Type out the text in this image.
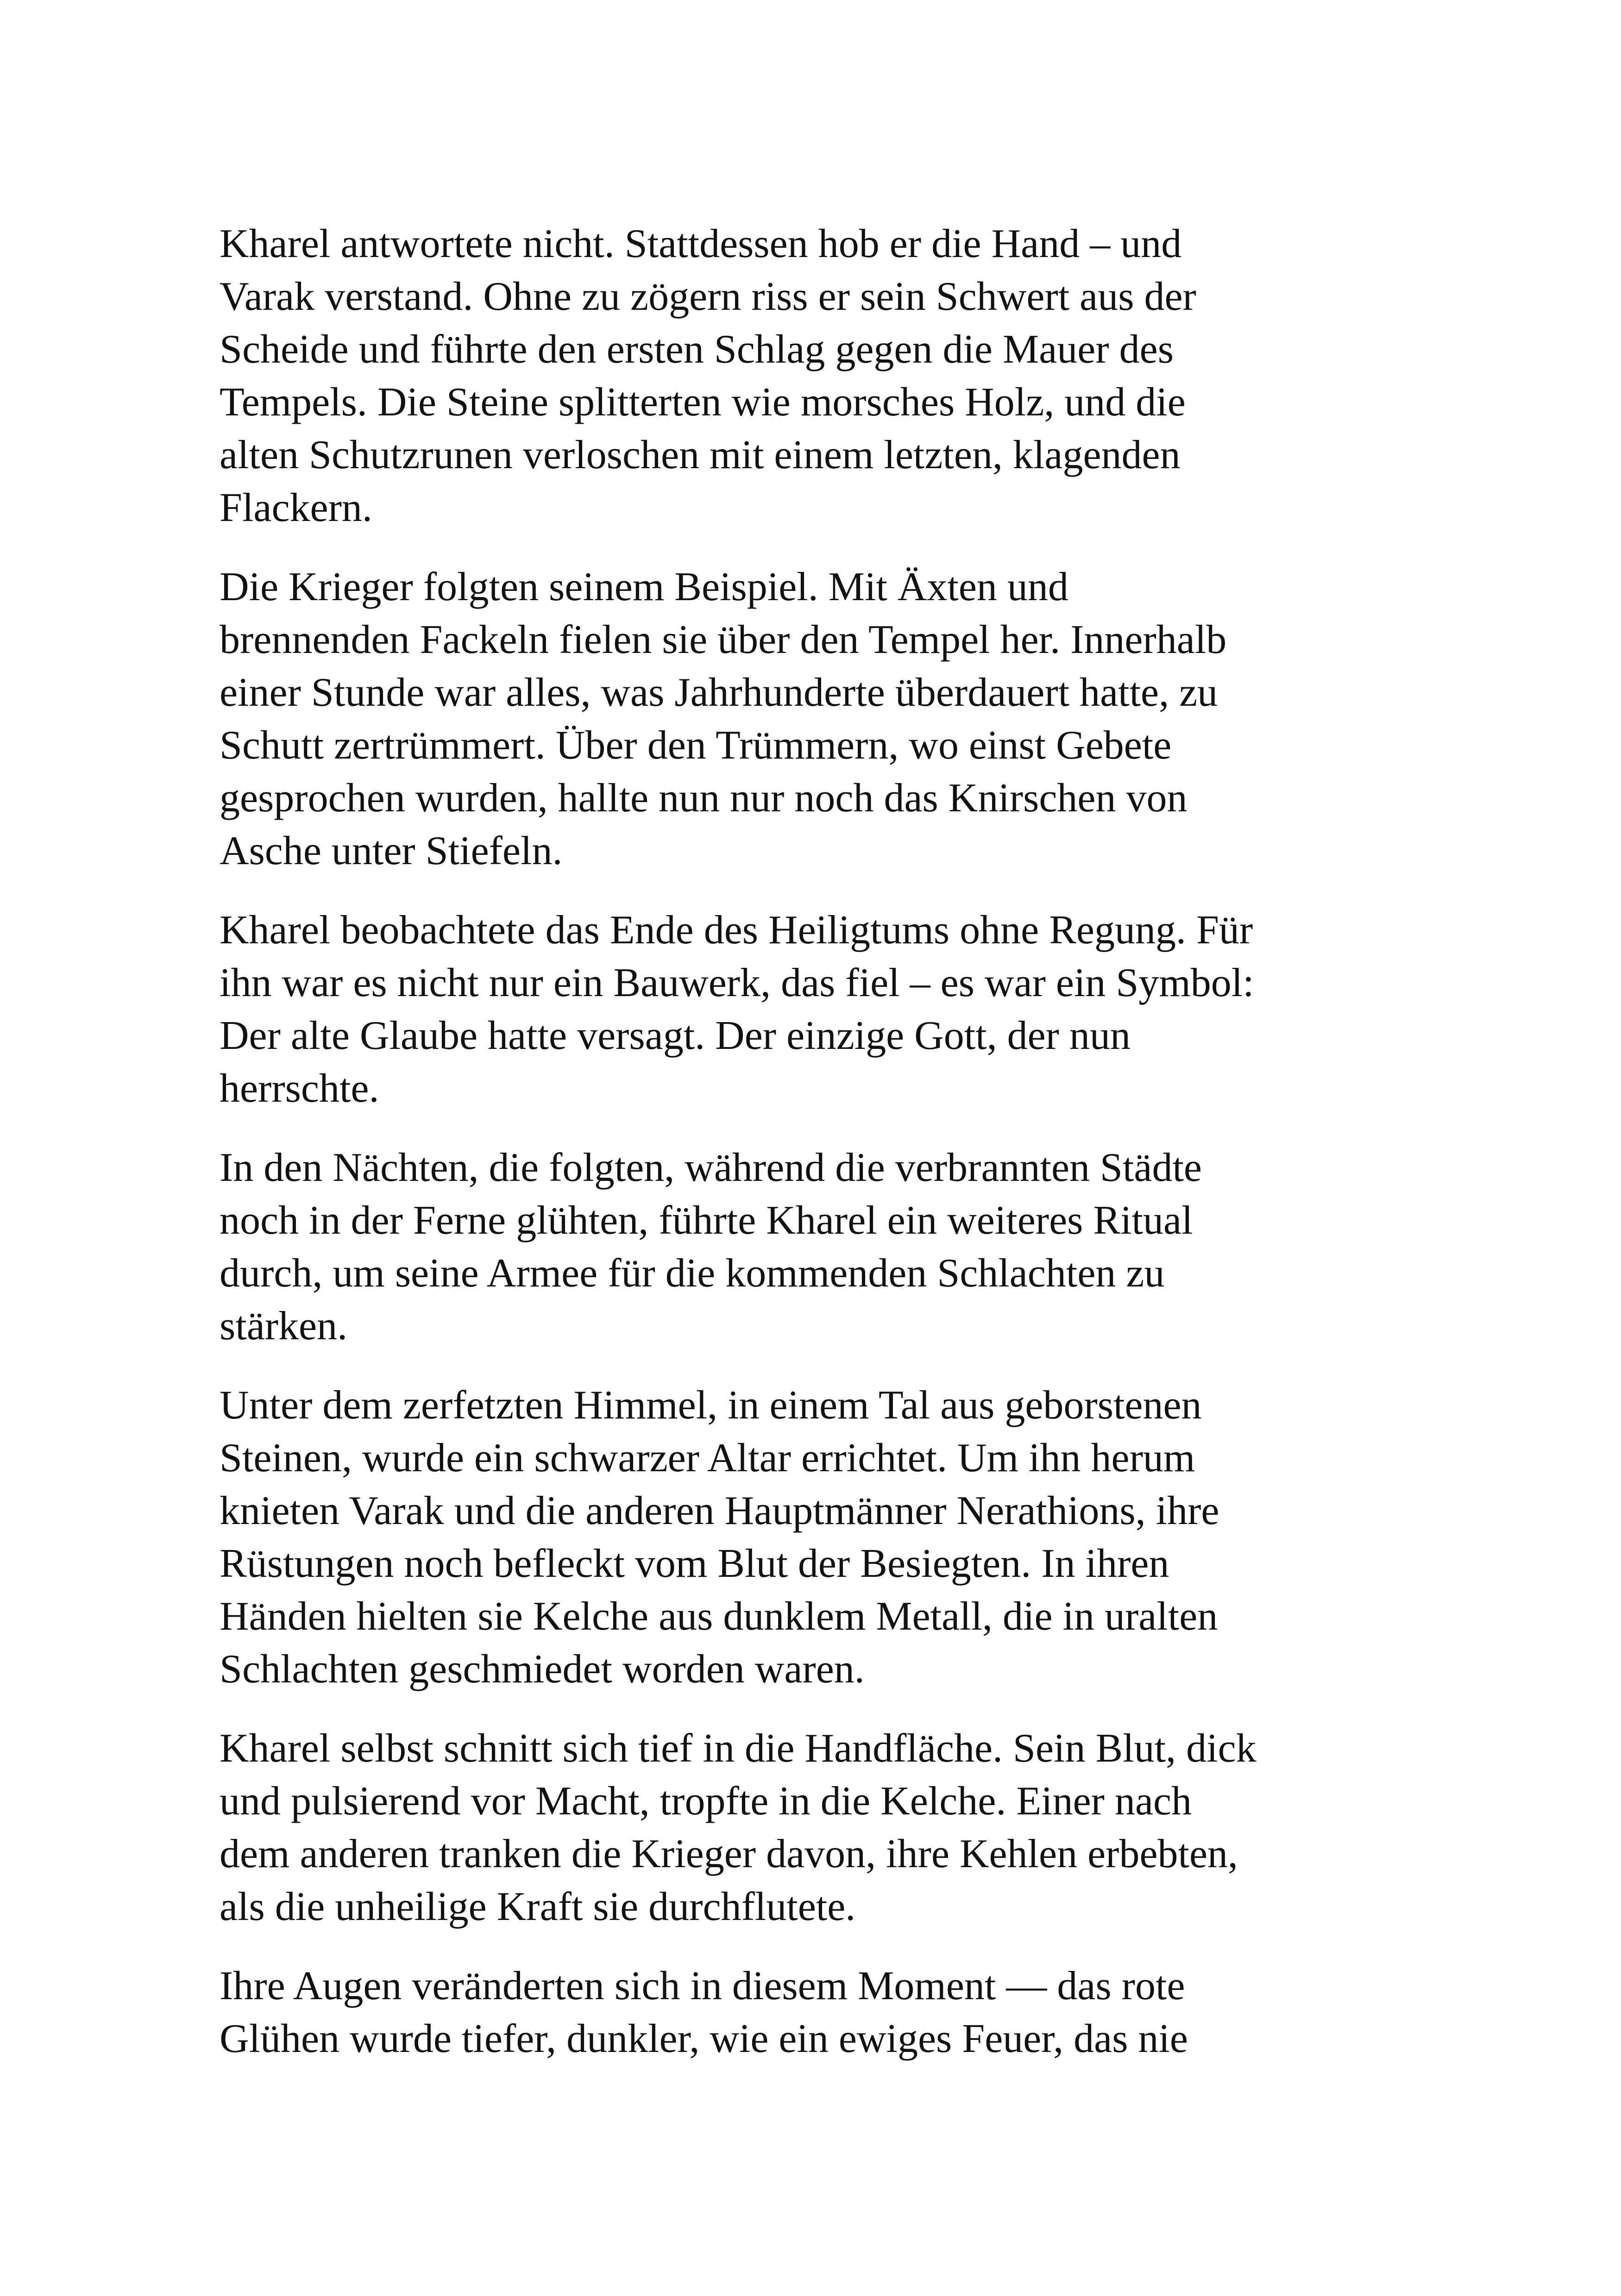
Kharel antwortete nicht. Stattdessen hob er die Hand – und
Varak verstand. Ohne zu zögern riss er sein Schwert aus der
Scheide und führte den ersten Schlag gegen die Mauer des
Tempels. Die Steine splitterten wie morsches Holz, und die
alten Schutzrunen verloschen mit einem letzten, klagenden
Flackern.

Die Krieger folgten seinem Beispiel. Mit Äxten und
brennenden Fackeln fielen sie über den Tempel her. Innerhalb
einer Stunde war alles, was Jahrhunderte überdauert hatte, zu
Schutt zertrümmert. Über den Trümmern, wo einst Gebete
gesprochen wurden, hallte nun nur noch das Knirschen von
Asche unter Stiefeln.

Kharel beobachtete das Ende des Heiligtums ohne Regung. Für
ihn war es nicht nur ein Bauwerk, das fiel – es war ein Symbol:
Der alte Glaube hatte versagt. Der einzige Gott, der nun
herrschte.

In den Nächten, die folgten, während die verbrannten Städte
noch in der Ferne glühten, führte Kharel ein weiteres Ritual
durch, um seine Armee für die kommenden Schlachten zu
stärken.

Unter dem zerfetzten Himmel, in einem Tal aus geborstenen
Steinen, wurde ein schwarzer Altar errichtet. Um ihn herum
knieten Varak und die anderen Hauptmänner Nerathions, ihre
Rüstungen noch befleckt vom Blut der Besiegten. In ihren
Händen hielten sie Kelche aus dunklem Metall, die in uralten
Schlachten geschmiedet worden waren.

Kharel selbst schnitt sich tief in die Handfläche. Sein Blut, dick
und pulsierend vor Macht, tropfte in die Kelche. Einer nach
dem anderen tranken die Krieger davon, ihre Kehlen erbebten,
als die unheilige Kraft sie durchflutete.

Ihre Augen veränderten sich in diesem Moment — das rote
Glühen wurde tiefer, dunkler, wie ein ewiges Feuer, das nie
